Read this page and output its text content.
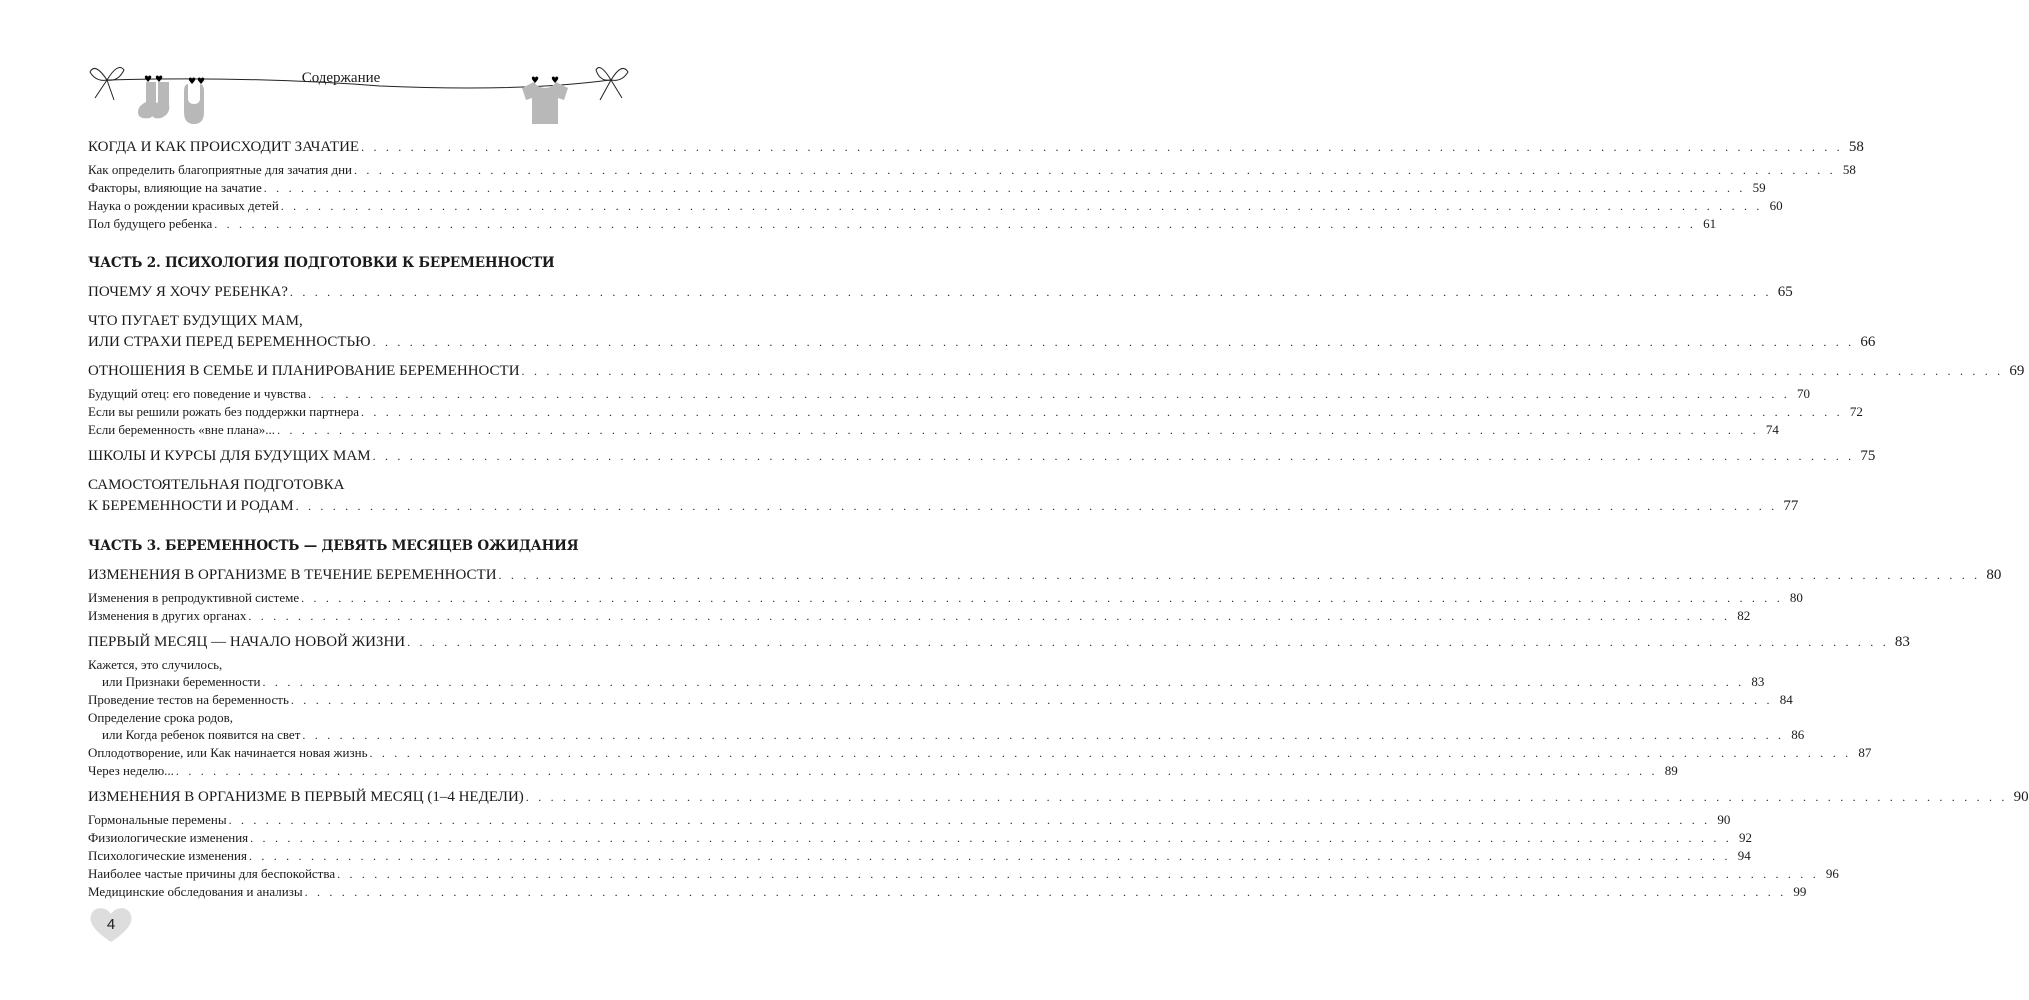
♥ ♥	♥ ♥	♥ ♥
Содержание
КОГДА И КАК ПРОИСХОДИТ ЗАЧАТИЕ . . . . . . . . . . . . . . . . . . . . . . . . . . . . . . . . . . . . . . . . . . . . . . . . . . . . . . . . . . . . . . . . . . . . . . . . . . . . . . . . . . . . . . . . . . . . . . . . . . . . . . . . . . . . . . . . . . . . . . . . 58
Как определить благоприятные для зачатия дни . . . . . . . . . . . . . . . . . . . . . . . . . . . . . . . . . . . . . . . . . . . . . . . . . . . . . . . . . . . . . . . . . . . . . . . . . . . . . . . . . . . . . . . . . . . . . . . . . . . . . . . . . . . . . . . . . . . . . . . . 58
Факторы, влияющие на зачатие . . . . . . . . . . . . . . . . . . . . . . . . . . . . . . . . . . . . . . . . . . . . . . . . . . . . . . . . . . . . . . . . . . . . . . . . . . . . . . . . . . . . . . . . . . . . . . . . . . . . . . . . . . . . . . . . . . . . . . . . 59
Наука о рождении красивых детей . . . . . . . . . . . . . . . . . . . . . . . . . . . . . . . . . . . . . . . . . . . . . . . . . . . . . . . . . . . . . . . . . . . . . . . . . . . . . . . . . . . . . . . . . . . . . . . . . . . . . . . . . . . . . . . . . . . . . . . . 60
Пол будущего ребенка . . . . . . . . . . . . . . . . . . . . . . . . . . . . . . . . . . . . . . . . . . . . . . . . . . . . . . . . . . . . . . . . . . . . . . . . . . . . . . . . . . . . . . . . . . . . . . . . . . . . . . . . . . . . . . . . . . . . . . . . 61
ЧАСТЬ 2. ПСИХОЛОГИЯ ПОДГОТОВКИ К БЕРЕМЕННОСТИ
ПОЧЕМУ Я ХОЧУ РЕБЕНКА? . . . . . . . . . . . . . . . . . . . . . . . . . . . . . . . . . . . . . . . . . . . . . . . . . . . . . . . . . . . . . . . . . . . . . . . . . . . . . . . . . . . . . . . . . . . . . . . . . . . . . . . . . . . . . . . . . . . . . . . . 65
ЧТО ПУГАЕТ БУДУЩИХ МАМ,
ИЛИ СТРАХИ ПЕРЕД БЕРЕМЕННОСТЬЮ . . . . . . . . . . . . . . . . . . . . . . . . . . . . . . . . . . . . . . . . . . . . . . . . . . . . . . . . . . . . . . . . . . . . . . . . . . . . . . . . . . . . . . . . . . . . . . . . . . . . . . . . . . . . . . . . . . . . . . . . 66
ОТНОШЕНИЯ В СЕМЬЕ И ПЛАНИРОВАНИЕ БЕРЕМЕННОСТИ . . . . . . . . . . . . . . . . . . . . . . . . . . . . . . . . . . . . . . . . . . . . . . . . . . . . . . . . . . . . . . . . . . . . . . . . . . . . . . . . . . . . . . . . . . . . . . . . . . . . . . . . . . . . . . . . . . . . . . . . 69
Будущий отец: его поведение и чувства . . . . . . . . . . . . . . . . . . . . . . . . . . . . . . . . . . . . . . . . . . . . . . . . . . . . . . . . . . . . . . . . . . . . . . . . . . . . . . . . . . . . . . . . . . . . . . . . . . . . . . . . . . . . . . . . . . . . . . . . 70
Если вы решили рожать без поддержки партнера . . . . . . . . . . . . . . . . . . . . . . . . . . . . . . . . . . . . . . . . . . . . . . . . . . . . . . . . . . . . . . . . . . . . . . . . . . . . . . . . . . . . . . . . . . . . . . . . . . . . . . . . . . . . . . . . . . . . . . . . 72
Если беременность «вне плана»... . . . . . . . . . . . . . . . . . . . . . . . . . . . . . . . . . . . . . . . . . . . . . . . . . . . . . . . . . . . . . . . . . . . . . . . . . . . . . . . . . . . . . . . . . . . . . . . . . . . . . . . . . . . . . . . . . . . . . . . . 74
ШКОЛЫ И КУРСЫ ДЛЯ БУДУЩИХ МАМ . . . . . . . . . . . . . . . . . . . . . . . . . . . . . . . . . . . . . . . . . . . . . . . . . . . . . . . . . . . . . . . . . . . . . . . . . . . . . . . . . . . . . . . . . . . . . . . . . . . . . . . . . . . . . . . . . . . . . . . . 75
САМОСТОЯТЕЛЬНАЯ ПОДГОТОВКА
К БЕРЕМЕННОСТИ И РОДАМ . . . . . . . . . . . . . . . . . . . . . . . . . . . . . . . . . . . . . . . . . . . . . . . . . . . . . . . . . . . . . . . . . . . . . . . . . . . . . . . . . . . . . . . . . . . . . . . . . . . . . . . . . . . . . . . . . . . . . . . . 77
ЧАСТЬ 3. БЕРЕМЕННОСТЬ — ДЕВЯТЬ МЕСЯЦЕВ ОЖИДАНИЯ
ИЗМЕНЕНИЯ В ОРГАНИЗМЕ В ТЕЧЕНИЕ БЕРЕМЕННОСТИ . . . . . . . . . . . . . . . . . . . . . . . . . . . . . . . . . . . . . . . . . . . . . . . . . . . . . . . . . . . . . . . . . . . . . . . . . . . . . . . . . . . . . . . . . . . . . . . . . . . . . . . . . . . . . . . . . . . . . . . . 80
Изменения в репродуктивной системе . . . . . . . . . . . . . . . . . . . . . . . . . . . . . . . . . . . . . . . . . . . . . . . . . . . . . . . . . . . . . . . . . . . . . . . . . . . . . . . . . . . . . . . . . . . . . . . . . . . . . . . . . . . . . . . . . . . . . . . . 80
Изменения в других органах . . . . . . . . . . . . . . . . . . . . . . . . . . . . . . . . . . . . . . . . . . . . . . . . . . . . . . . . . . . . . . . . . . . . . . . . . . . . . . . . . . . . . . . . . . . . . . . . . . . . . . . . . . . . . . . . . . . . . . . . 82
ПЕРВЫЙ МЕСЯЦ — НАЧАЛО НОВОЙ ЖИЗНИ . . . . . . . . . . . . . . . . . . . . . . . . . . . . . . . . . . . . . . . . . . . . . . . . . . . . . . . . . . . . . . . . . . . . . . . . . . . . . . . . . . . . . . . . . . . . . . . . . . . . . . . . . . . . . . . . . . . . . . . . 83
Кажется, это случилось,
или Признаки беременности . . . . . . . . . . . . . . . . . . . . . . . . . . . . . . . . . . . . . . . . . . . . . . . . . . . . . . . . . . . . . . . . . . . . . . . . . . . . . . . . . . . . . . . . . . . . . . . . . . . . . . . . . . . . . . . . . . . . . . . . 83
Проведение тестов на беременность . . . . . . . . . . . . . . . . . . . . . . . . . . . . . . . . . . . . . . . . . . . . . . . . . . . . . . . . . . . . . . . . . . . . . . . . . . . . . . . . . . . . . . . . . . . . . . . . . . . . . . . . . . . . . . . . . . . . . . . . 84
Определение срока родов,
или Когда ребенок появится на свет . . . . . . . . . . . . . . . . . . . . . . . . . . . . . . . . . . . . . . . . . . . . . . . . . . . . . . . . . . . . . . . . . . . . . . . . . . . . . . . . . . . . . . . . . . . . . . . . . . . . . . . . . . . . . . . . . . . . . . . . 86
Оплодотворение, или Как начинается новая жизнь . . . . . . . . . . . . . . . . . . . . . . . . . . . . . . . . . . . . . . . . . . . . . . . . . . . . . . . . . . . . . . . . . . . . . . . . . . . . . . . . . . . . . . . . . . . . . . . . . . . . . . . . . . . . . . . . . . . . . . . . 87
Через неделю... . . . . . . . . . . . . . . . . . . . . . . . . . . . . . . . . . . . . . . . . . . . . . . . . . . . . . . . . . . . . . . . . . . . . . . . . . . . . . . . . . . . . . . . . . . . . . . . . . . . . . . . . . . . . . . . . . . . . . . . . 89
ИЗМЕНЕНИЯ В ОРГАНИЗМЕ В ПЕРВЫЙ МЕСЯЦ (1–4 НЕДЕЛИ) . . . . . . . . . . . . . . . . . . . . . . . . . . . . . . . . . . . . . . . . . . . . . . . . . . . . . . . . . . . . . . . . . . . . . . . . . . . . . . . . . . . . . . . . . . . . . . . . . . . . . . . . . . . . . . . . . . . . . . . . 90
Гормональные перемены . . . . . . . . . . . . . . . . . . . . . . . . . . . . . . . . . . . . . . . . . . . . . . . . . . . . . . . . . . . . . . . . . . . . . . . . . . . . . . . . . . . . . . . . . . . . . . . . . . . . . . . . . . . . . . . . . . . . . . . . 90
Физиологические изменения . . . . . . . . . . . . . . . . . . . . . . . . . . . . . . . . . . . . . . . . . . . . . . . . . . . . . . . . . . . . . . . . . . . . . . . . . . . . . . . . . . . . . . . . . . . . . . . . . . . . . . . . . . . . . . . . . . . . . . . . 92
Психологические изменения . . . . . . . . . . . . . . . . . . . . . . . . . . . . . . . . . . . . . . . . . . . . . . . . . . . . . . . . . . . . . . . . . . . . . . . . . . . . . . . . . . . . . . . . . . . . . . . . . . . . . . . . . . . . . . . . . . . . . . . . 94
Наиболее частые причины для беспокойства . . . . . . . . . . . . . . . . . . . . . . . . . . . . . . . . . . . . . . . . . . . . . . . . . . . . . . . . . . . . . . . . . . . . . . . . . . . . . . . . . . . . . . . . . . . . . . . . . . . . . . . . . . . . . . . . . . . . . . . . 96
Медицинские обследования и анализы . . . . . . . . . . . . . . . . . . . . . . . . . . . . . . . . . . . . . . . . . . . . . . . . . . . . . . . . . . . . . . . . . . . . . . . . . . . . . . . . . . . . . . . . . . . . . . . . . . . . . . . . . . . . . . . . . . . . . . . . 99
4
